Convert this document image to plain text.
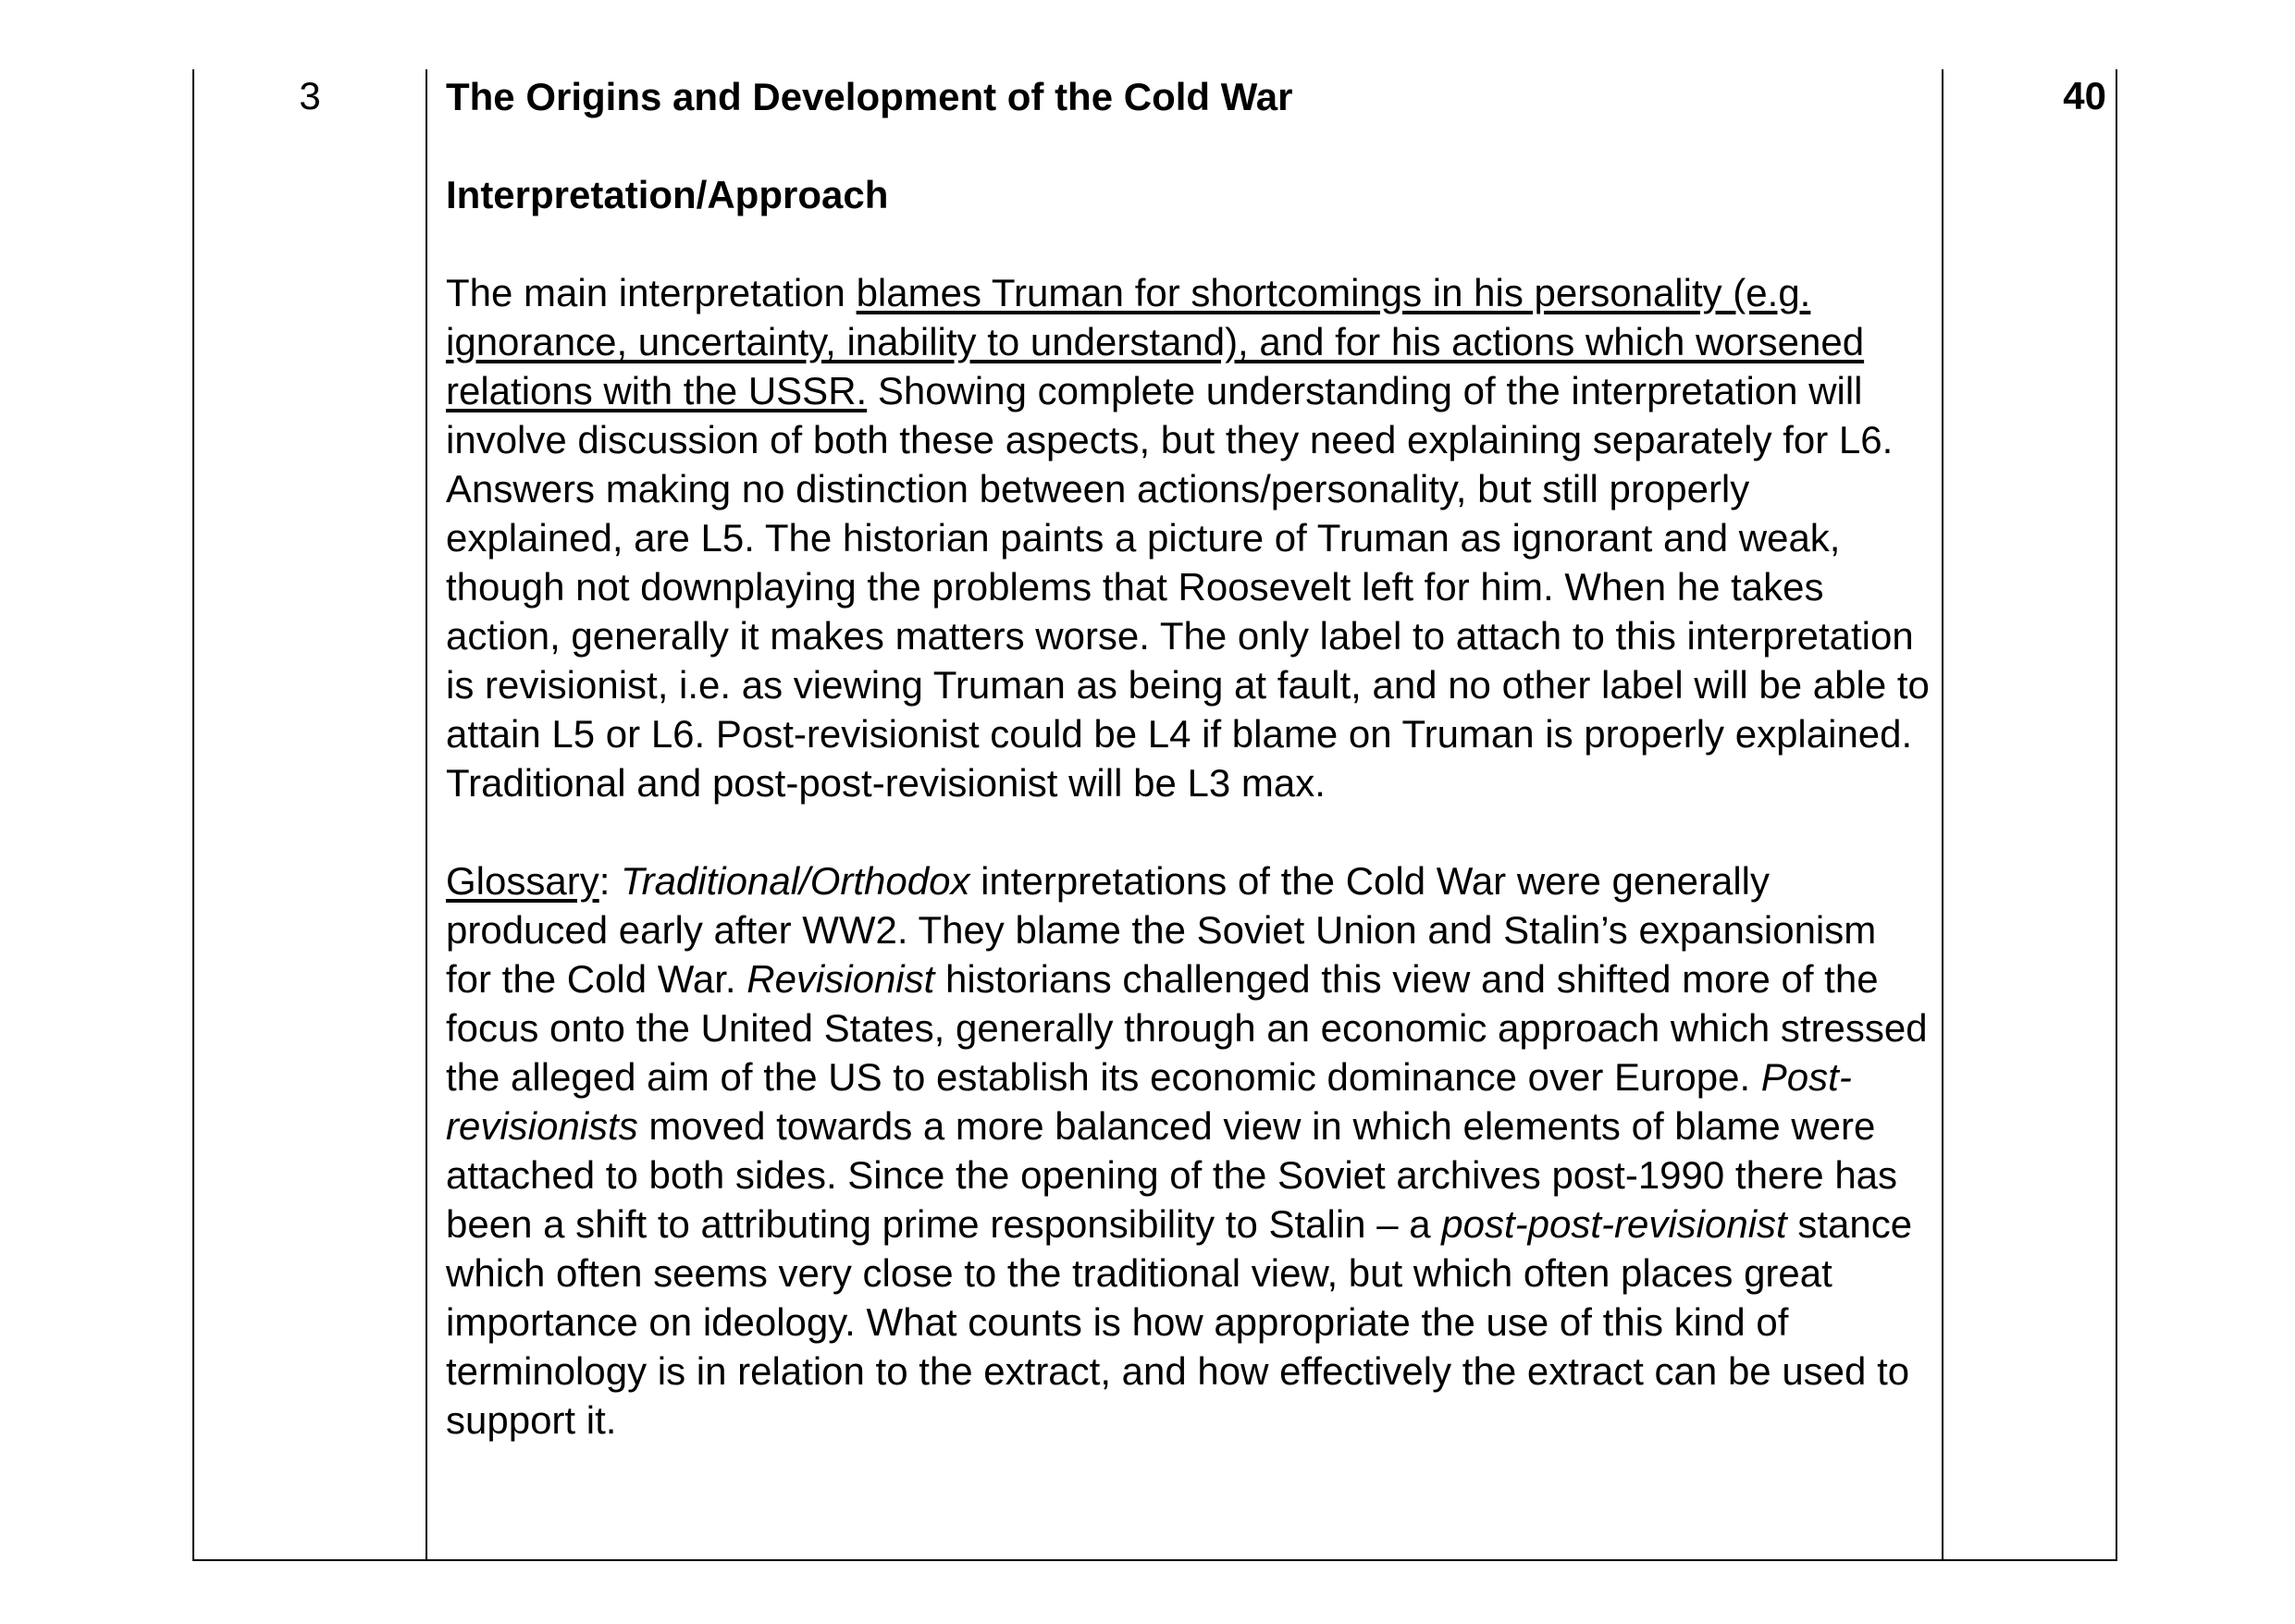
3	The Origins and Development of the Cold War

Interpretation/Approach

The main interpretation blames Truman for shortcomings in his personality (e.g. ignorance, uncertainty, inability to understand), and for his actions which worsened relations with the USSR. Showing complete understanding of the interpretation will involve discussion of both these aspects, but they need explaining separately for L6. Answers making no distinction between actions/personality, but still properly explained, are L5. The historian paints a picture of Truman as ignorant and weak, though not downplaying the problems that Roosevelt left for him. When he takes action, generally it makes matters worse. The only label to attach to this interpretation is revisionist, i.e. as viewing Truman as being at fault, and no other label will be able to attain L5 or L6. Post-revisionist could be L4 if blame on Truman is properly explained. Traditional and post-post-revisionist will be L3 max.

Glossary: Traditional/Orthodox interpretations of the Cold War were generally produced early after WW2. They blame the Soviet Union and Stalin’s expansionism for the Cold War. Revisionist historians challenged this view and shifted more of the focus onto the United States, generally through an economic approach which stressed the alleged aim of the US to establish its economic dominance over Europe. Post-revisionists moved towards a more balanced view in which elements of blame were attached to both sides. Since the opening of the Soviet archives post-1990 there has been a shift to attributing prime responsibility to Stalin – a post-post-revisionist stance which often seems very close to the traditional view, but which often places great importance on ideology. What counts is how appropriate the use of this kind of terminology is in relation to the extract, and how effectively the extract can be used to support it.

40
